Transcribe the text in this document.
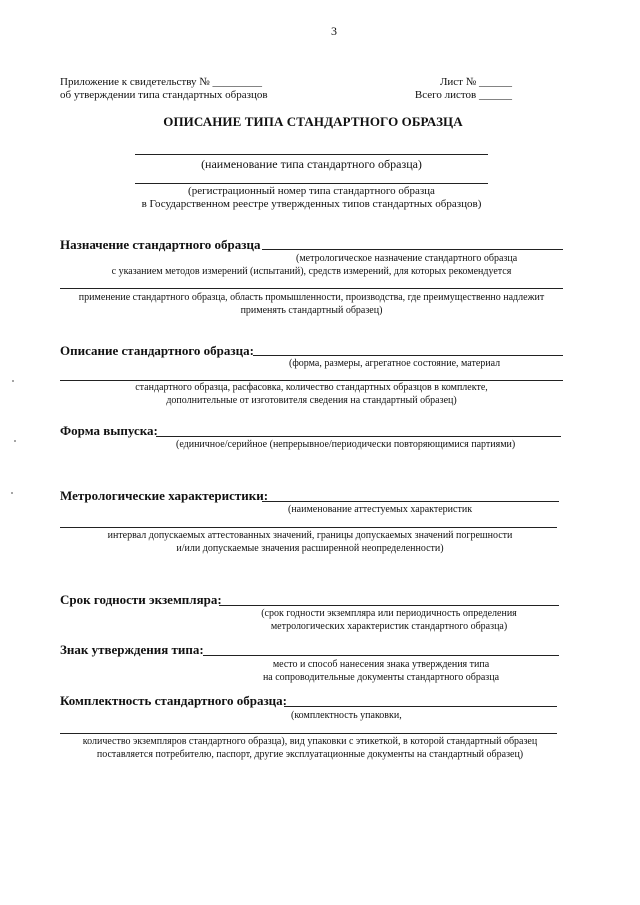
3
Приложение к свидетельству № _________
об утверждении типа стандартных образцов
Лист № ______
Всего листов ______
ОПИСАНИЕ ТИПА СТАНДАРТНОГО ОБРАЗЦА
(наименование типа стандартного образца)
(регистрационный номер типа стандартного образца
в Государственном реестре утвержденных типов стандартных образцов)
Назначение стандартного образца
(метрологическое назначение стандартного образца
с указанием методов измерений (испытаний), средств измерений, для которых рекомендуется
применение стандартного образца, область промышленности, производства, где преимущественно надлежит
применять стандартный образец)
Описание стандартного образца:
(форма, размеры, агрегатное состояние, материал
стандартного образца, расфасовка, количество стандартных образцов в комплекте,
дополнительные от изготовителя сведения на стандартный образец)
Форма выпуска:
(единичное/серийное (непрерывное/периодически повторяющимися партиями)
Метрологические характеристики:
(наименование аттестуемых характеристик
интервал допускаемых аттестованных значений, границы допускаемых значений погрешности
и/или допускаемые значения расширенной неопределенности)
Срок годности экземпляра:
(срок годности экземпляра или периодичность определения
метрологических характеристик стандартного образца)
Знак утверждения типа:
место и способ нанесения знака утверждения типа
на сопроводительные документы стандартного образца
Комплектность стандартного образца:
(комплектность упаковки,
количество экземпляров стандартного образца), вид упаковки с этикеткой, в которой стандартный образец
поставляется потребителю, паспорт, другие эксплуатационные документы на стандартный образец)
